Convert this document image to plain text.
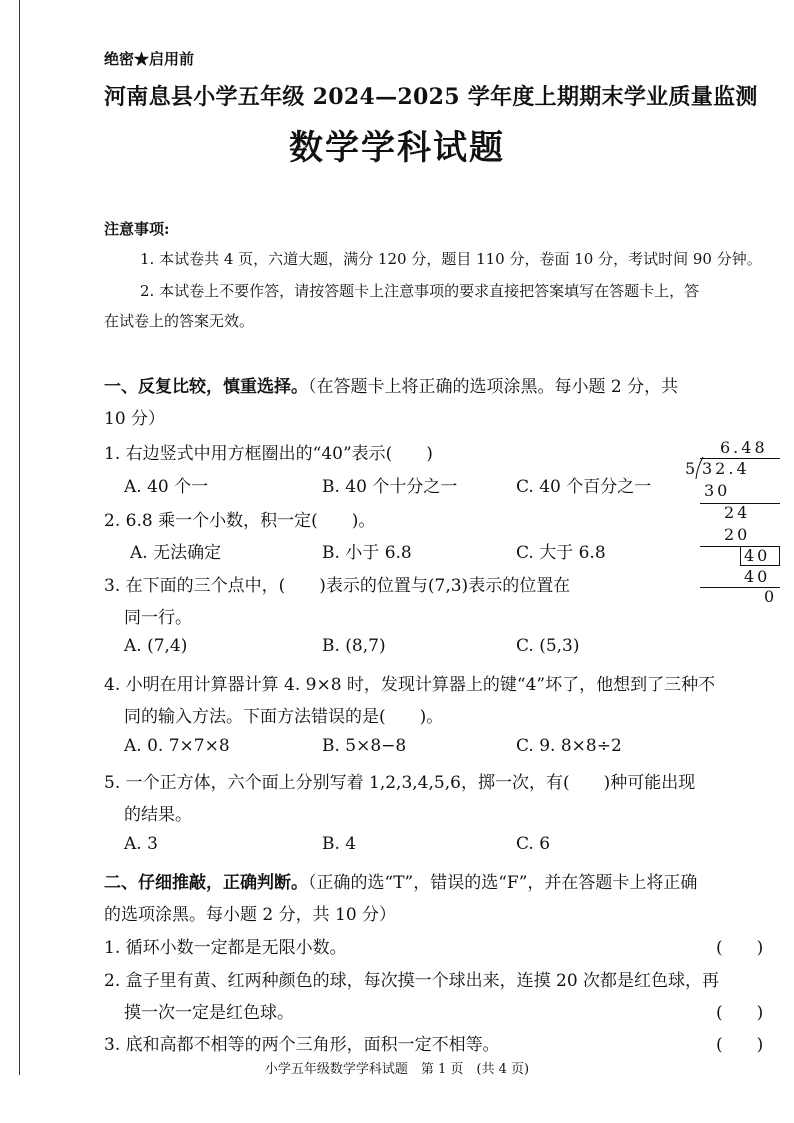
绝密★启用前
河南息县小学五年级 2024—2025 学年度上期期末学业质量监测
数学学科试题
注意事项:
1. 本试卷共 4 页，六道大题，满分 120 分，题目 110 分，卷面 10 分，考试时间 90 分钟。
2. 本试卷上不要作答，请按答题卡上注意事项的要求直接把答案填写在答题卡上，答
在试卷上的答案无效。
一、反复比较，慎重选择。（在答题卡上将正确的选项涂黑。每小题 2 分，共
10 分）
1. 右边竖式中用方框圈出的“40”表示(　　)
A. 40 个一	B. 40 个十分之一	C. 40 个百分之一
2. 6.8 乘一个小数，积一定(　　)。
A. 无法确定	B. 小于 6.8	C. 大于 6.8
3. 在下面的三个点中，(　　)表示的位置与(7,3)表示的位置在
同一行。
A. (7,4)	B. (8,7)	C. (5,3)
4. 小明在用计算器计算 4. 9×8 时，发现计算器上的键“4”坏了，他想到了三种不
同的输入方法。下面方法错误的是(　　)。
A. 0. 7×7×8	B. 5×8−8	C. 9. 8×8÷2
5. 一个正方体，六个面上分别写着 1,2,3,4,5,6，掷一次，有(　　)种可能出现
的结果。
A. 3	B. 4	C. 6
6.48
5 32.4
30
24
20
40
40
0
二、仔细推敲，正确判断。（正确的选“T”，错误的选“F”，并在答题卡上将正确
的选项涂黑。每小题 2 分，共 10 分）
1. 循环小数一定都是无限小数。	(　　)
2. 盒子里有黄、红两种颜色的球，每次摸一个球出来，连摸 20 次都是红色球，再
摸一次一定是红色球。	(　　)
3. 底和高都不相等的两个三角形，面积一定不相等。	(　　)
小学五年级数学学科试题　第 1 页　(共 4 页)
